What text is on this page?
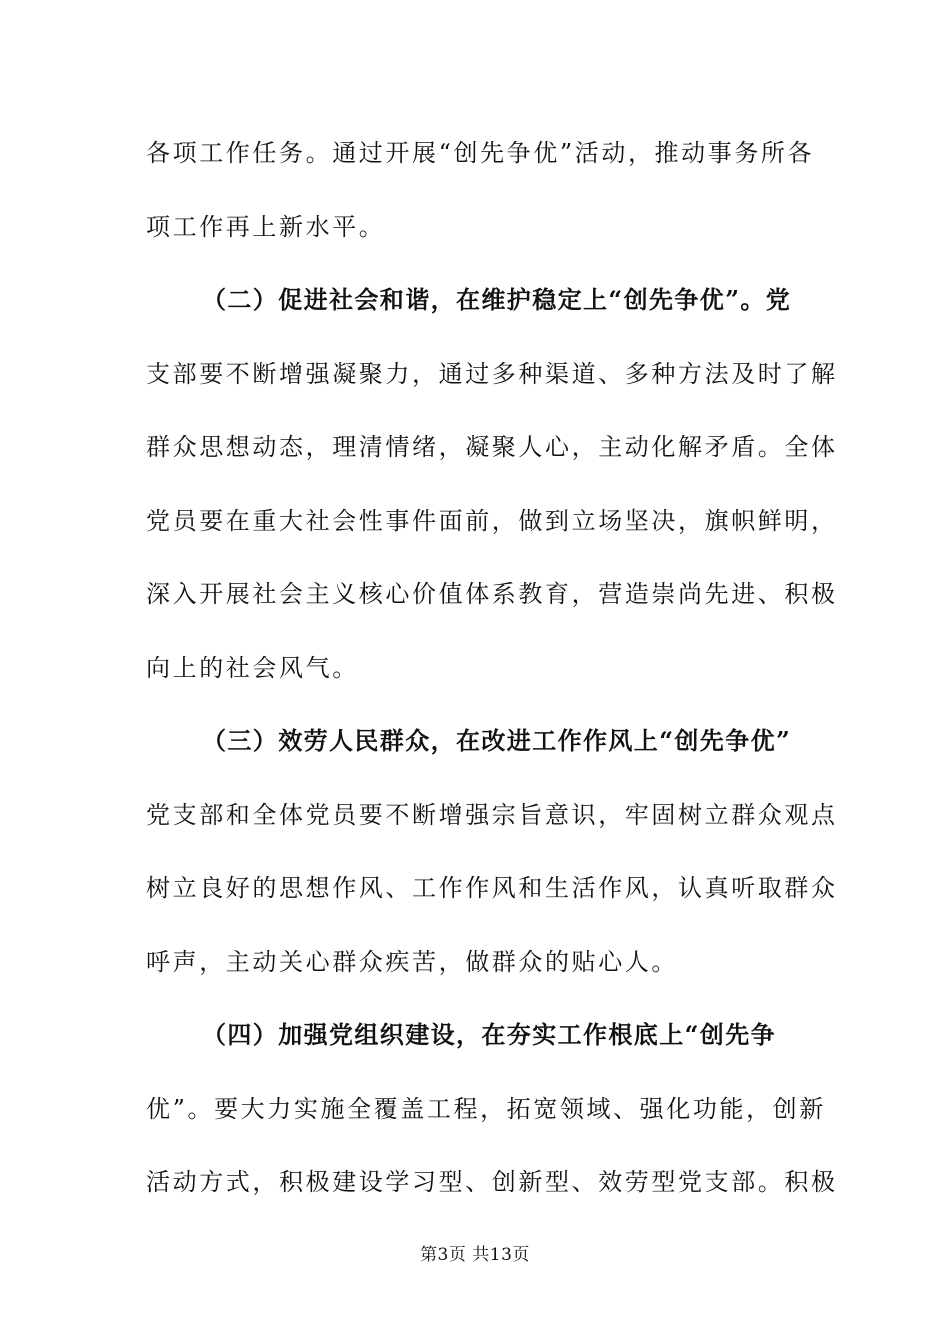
各项工作任务。通过开展“创先争优”活动，推动事务所各
项工作再上新水平。
（二）促进社会和谐，在维护稳定上“创先争优”。党
支部要不断增强凝聚力，通过多种渠道、多种方法及时了解
群众思想动态，理清情绪，凝聚人心，主动化解矛盾。全体
党员要在重大社会性事件面前，做到立场坚决，旗帜鲜明，
深入开展社会主义核心价值体系教育，营造崇尚先进、积极
向上的社会风气。
（三）效劳人民群众，在改进工作作风上“创先争优”
党支部和全体党员要不断增强宗旨意识，牢固树立群众观点
树立良好的思想作风、工作作风和生活作风，认真听取群众
呼声，主动关心群众疾苦，做群众的贴心人。
（四）加强党组织建设，在夯实工作根底上“创先争
优”。要大力实施全覆盖工程，拓宽领域、强化功能，创新
活动方式，积极建设学习型、创新型、效劳型党支部。积极
第3页 共13页
